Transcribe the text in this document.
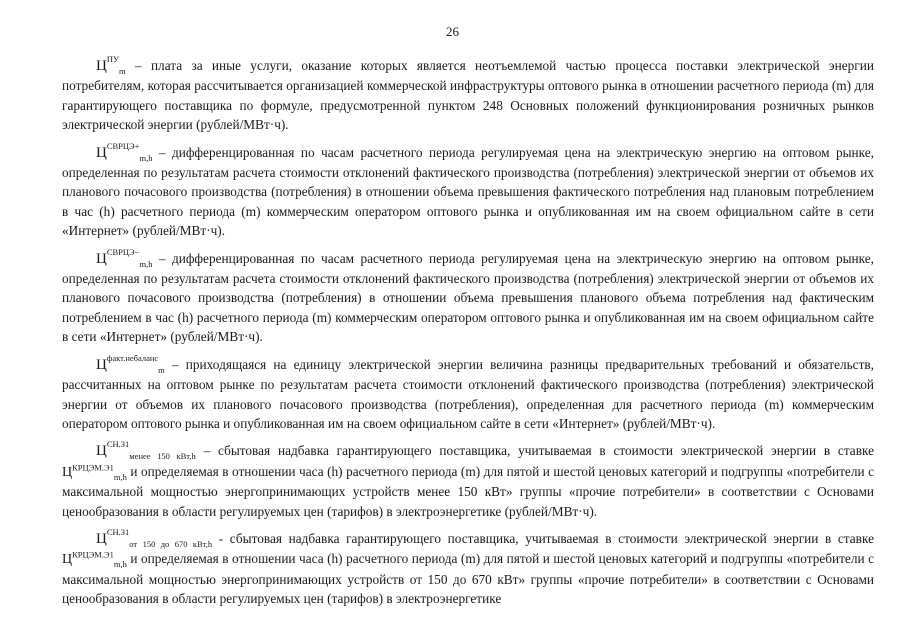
26

$Ц^{ПУ}_m$ – плата за иные услуги, оказание которых является неотъемлемой частью процесса поставки электрической энергии потребителям, которая рассчитывается организацией коммерческой инфраструктуры оптового рынка в отношении расчетного периода (m) для гарантирующего поставщика по формуле, предусмотренной пунктом 248 Основных положений функционирования розничных рынков электрической энергии (рублей/МВт·ч).

$Ц^{СВРЦЭ+}_{m,h}$ – дифференцированная по часам расчетного периода регулируемая цена на электрическую энергию на оптовом рынке, определенная по результатам расчета стоимости отклонений фактического производства (потребления) электрической энергии от объемов их планового почасового производства (потребления) в отношении объема превышения фактического потребления над плановым потреблением в час (h) расчетного периода (m) коммерческим оператором оптового рынка и опубликованная им на своем официальном сайте в сети «Интернет» (рублей/МВт·ч).

$Ц^{СВРЦЭ-}_{m,h}$ – дифференцированная по часам расчетного периода регулируемая цена на электрическую энергию на оптовом рынке, определенная по результатам расчета стоимости отклонений фактического производства (потребления) электрической энергии от объемов их планового почасового производства (потребления) в отношении объема превышения планового объема потребления над фактическим потреблением в час (h) расчетного периода (m) коммерческим оператором оптового рынка и опубликованная им на своем официальном сайте в сети «Интернет» (рублей/МВт·ч).

$Ц^{факт.небаланс}_m$ – приходящаяся на единицу электрической энергии величина разницы предварительных требований и обязательств, рассчитанных на оптовом рынке по результатам расчета стоимости отклонений фактического производства (потребления) электрической энергии от объемов их планового почасового производства (потребления), определенная для расчетного периода (m) коммерческим оператором оптового рынка и опубликованная им на своем официальном сайте в сети «Интернет» (рублей/МВт·ч).

$Ц^{СН.З1}_{менее 150 кВт,h}$ – сбытовая надбавка гарантирующего поставщика, учитываемая в стоимости электрической энергии в ставке $Ц^{КРЦЭМ.Э1}_{m,h}$ и определяемая в отношении часа (h) расчетного периода (m) для пятой и шестой ценовых категорий и подгруппы «потребители с максимальной мощностью энергопринимающих устройств менее 150 кВт» группы «прочие потребители» в соответствии с Основами ценообразования в области регулируемых цен (тарифов) в электроэнергетике (рублей/МВт·ч).

$Ц^{СН.З1}_{от 150 до 670 кВт,h}$ - сбытовая надбавка гарантирующего поставщика, учитываемая в стоимости электрической энергии в ставке $Ц^{КРЦЭМ.Э1}_{m,h}$ и определяемая в отношении часа (h) расчетного периода (m) для пятой и шестой ценовых категорий и подгруппы «потребители с максимальной мощностью энергопринимающих устройств от 150 до 670 кВт» группы «прочие потребители» в соответствии с Основами ценообразования в области регулируемых цен (тарифов) в электроэнергетике
